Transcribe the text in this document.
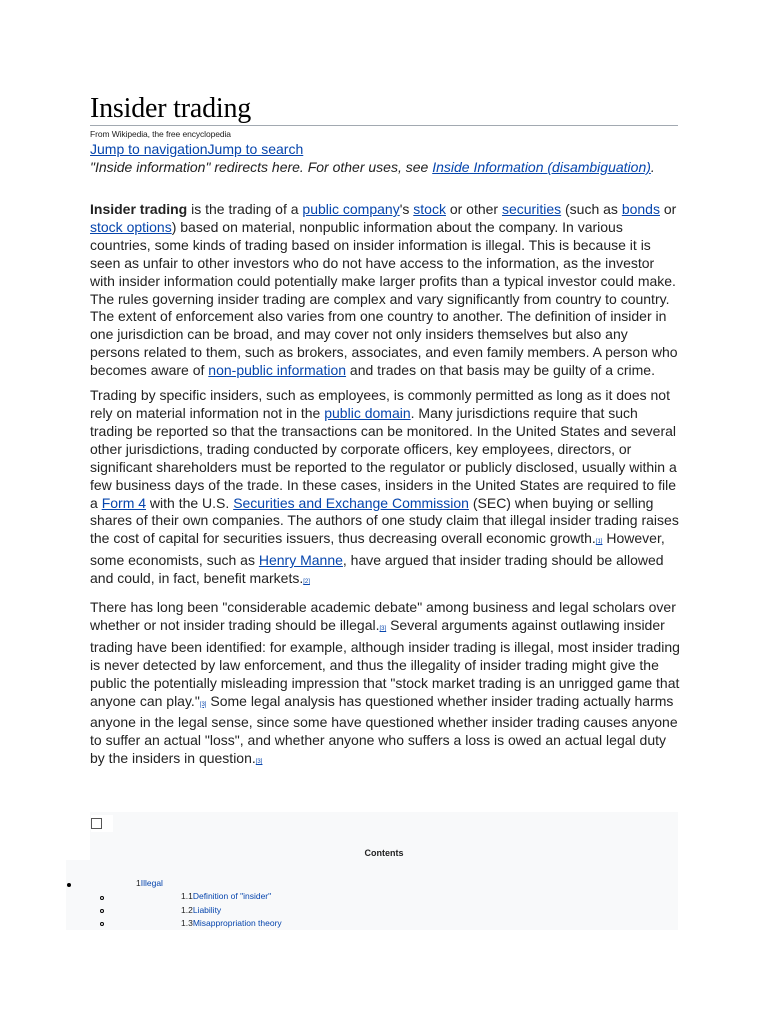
Insider trading
From Wikipedia, the free encyclopedia
Jump to navigationJump to search
"Inside information" redirects here. For other uses, see Inside Information (disambiguation).

Insider trading is the trading of a public company's stock or other securities (such as bonds or stock options) based on material, nonpublic information about the company. In various countries, some kinds of trading based on insider information is illegal. This is because it is seen as unfair to other investors who do not have access to the information, as the investor with insider information could potentially make larger profits than a typical investor could make. The rules governing insider trading are complex and vary significantly from country to country. The extent of enforcement also varies from one country to another. The definition of insider in one jurisdiction can be broad, and may cover not only insiders themselves but also any persons related to them, such as brokers, associates, and even family members. A person who becomes aware of non-public information and trades on that basis may be guilty of a crime.

Trading by specific insiders, such as employees, is commonly permitted as long as it does not rely on material information not in the public domain. Many jurisdictions require that such trading be reported so that the transactions can be monitored. In the United States and several other jurisdictions, trading conducted by corporate officers, key employees, directors, or significant shareholders must be reported to the regulator or publicly disclosed, usually within a few business days of the trade. In these cases, insiders in the United States are required to file a Form 4 with the U.S. Securities and Exchange Commission (SEC) when buying or selling shares of their own companies. The authors of one study claim that illegal insider trading raises the cost of capital for securities issuers, thus decreasing overall economic growth.[1] However, some economists, such as Henry Manne, have argued that insider trading should be allowed and could, in fact, benefit markets.[2]

There has long been "considerable academic debate" among business and legal scholars over whether or not insider trading should be illegal.[3] Several arguments against outlawing insider trading have been identified: for example, although insider trading is illegal, most insider trading is never detected by law enforcement, and thus the illegality of insider trading might give the public the potentially misleading impression that "stock market trading is an unrigged game that anyone can play."[3] Some legal analysis has questioned whether insider trading actually harms anyone in the legal sense, since some have questioned whether insider trading causes anyone to suffer an actual "loss", and whether anyone who suffers a loss is owed an actual legal duty by the insiders in question.[3]

Contents
1Illegal
1.1Definition of "insider"
1.2Liability
1.3Misappropriation theory
